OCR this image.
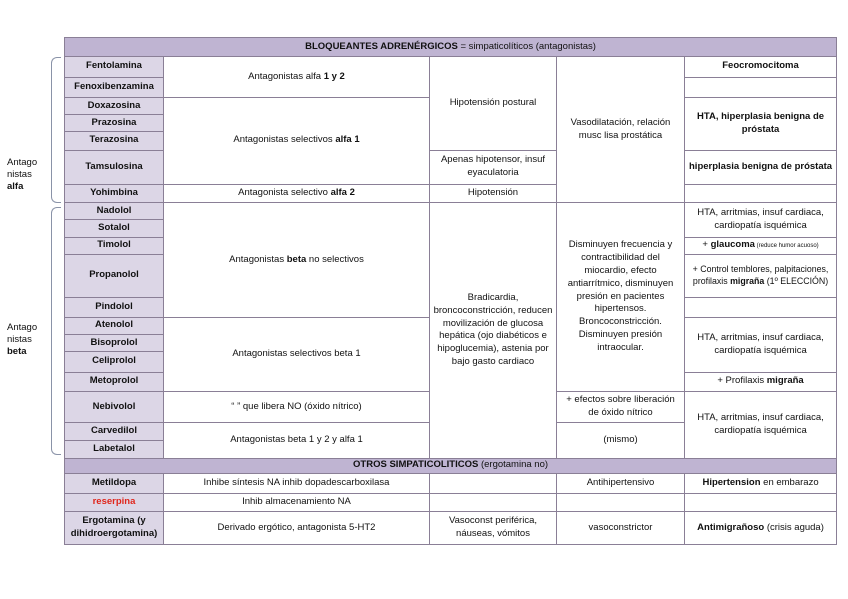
Antago
nistas
alfa
Antago
nistas
beta
BLOQUEANTES ADRENÉRGICOS = simpaticolíticos (antagonistas)				
Fentolamina	Antagonistas alfa 1 y 2	Hipotensión postural	Vasodilatación, relación musc lisa prostática	Feocromocitoma
Fenoxibenzamina				
Doxazosina	Antagonistas selectivos alfa 1			HTA, hiperplasia benigna de próstata
Prazosina				
Terazosina				
Tamsulosina		Apenas hipotensor, insuf eyaculatoria		hiperplasia benigna de próstata
Yohimbina	Antagonista selectivo alfa 2	Hipotensión		
Nadolol	Antagonistas beta no selectivos	Bradicardia, broncoconstricción, reducen movilización de glucosa hepática (ojo diabéticos e hipoglucemia), astenia por bajo gasto cardiaco	Disminuyen frecuencia y contractibilidad del miocardio, efecto antiarrítmico, disminuyen presión en pacientes hipertensos. Broncoconstricción. Disminuyen presión intraocular.	HTA, arritmias, insuf cardiaca, cardiopatía isquémica
Sotalol				
Timolol				+ glaucoma (reduce humor acuoso)
Propanolol				+ Control temblores, palpitaciones, profilaxis migraña (1º ELECCIÓN)
Pindolol				
Atenolol	Antagonistas selectivos beta 1			HTA, arritmias, insuf cardiaca, cardiopatía isquémica
Bisoprolol				
Celiprolol				
Metoprolol				+ Profilaxis migraña
Nebivolol	“ ” que libera NO (óxido nítrico)		+ efectos sobre liberación de óxido nítrico	HTA, arritmias, insuf cardiaca, cardiopatía isquémica
Carvedilol	Antagonistas beta 1 y 2 y alfa 1		(mismo)	
Labetalol				
OTROS SIMPATICOLITICOS (ergotamina no)				
Metildopa	Inhibe síntesis NA inhib dopadescarboxilasa		Antihipertensivo	Hipertension en embarazo
reserpina	Inhib almacenamiento NA			
Ergotamina (y dihidroergotamina)	Derivado ergótico, antagonista 5-HT2	Vasoconst periférica, náuseas, vómitos	vasoconstrictor	Antimigrañoso (crisis aguda)
